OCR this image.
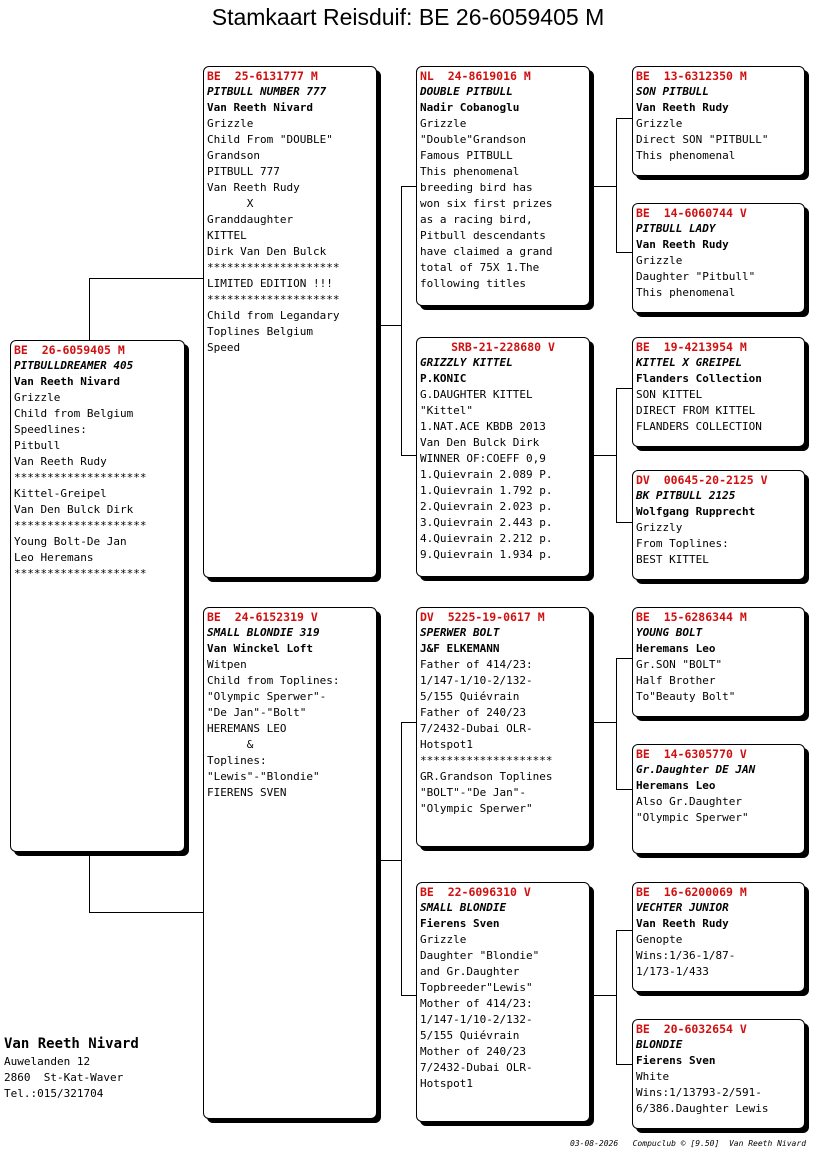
Stamkaart Reisduif: BE 26-6059405 M
BE  26-6059405 M
PITBULLDREAMER 405
Van Reeth Nivard
Grizzle
Child from Belgium
Speedlines:
Pitbull
Van Reeth Rudy
********************
Kittel-Greipel
Van Den Bulck Dirk
********************
Young Bolt-De Jan
Leo Heremans
********************
BE  25-6131777 M
PITBULL NUMBER 777
Van Reeth Nivard
Grizzle
Child From "DOUBLE"
Grandson
PITBULL 777
Van Reeth Rudy
X
Granddaughter
KITTEL
Dirk Van Den Bulck
********************
LIMITED EDITION !!!
********************
Child from Legandary
Toplines Belgium
Speed
BE  24-6152319 V
SMALL BLONDIE 319
Van Winckel Loft
Witpen
Child from Toplines:
"Olympic Sperwer"-
"De Jan"-"Bolt"
HEREMANS LEO
&
Toplines:
"Lewis"-"Blondie"
FIERENS SVEN
NL  24-8619016 M
DOUBLE PITBULL
Nadir Cobanoglu
Grizzle
"Double"Grandson
Famous PITBULL
This phenomenal
breeding bird has
won six first prizes
as a racing bird,
Pitbull descendants
have claimed a grand
total of 75X 1.The
following titles
SRB-21-228680 V
GRIZZLY KITTEL
P.KONIC
G.DAUGHTER KITTEL
"Kittel"
1.NAT.ACE KBDB 2013
Van Den Bulck Dirk
WINNER OF:COEFF 0,9
1.Quievrain 2.089 P.
1.Quievrain 1.792 p.
2.Quievrain 2.023 p.
3.Quievrain 2.443 p.
4.Quievrain 2.212 p.
9.Quievrain 1.934 p.
DV  5225-19-0617 M
SPERWER BOLT
J&F ELKEMANN
Father of 414/23:
1/147-1/10-2/132-
5/155 Quiévrain
Father of 240/23
7/2432-Dubai OLR-
Hotspot1
********************
GR.Grandson Toplines
"BOLT"-"De Jan"-
"Olympic Sperwer"
BE  22-6096310 V
SMALL BLONDIE
Fierens Sven
Grizzle
Daughter "Blondie"
and Gr.Daughter
Topbreeder"Lewis"
Mother of 414/23:
1/147-1/10-2/132-
5/155 Quiévrain
Mother of 240/23
7/2432-Dubai OLR-
Hotspot1
BE  13-6312350 M
SON PITBULL
Van Reeth Rudy
Grizzle
Direct SON "PITBULL"
This phenomenal
BE  14-6060744 V
PITBULL LADY
Van Reeth Rudy
Grizzle
Daughter "Pitbull"
This phenomenal
BE  19-4213954 M
KITTEL X GREIPEL
Flanders Collection
SON KITTEL
DIRECT FROM KITTEL
FLANDERS COLLECTION
DV  00645-20-2125 V
BK PITBULL 2125
Wolfgang Rupprecht
Grizzly
From Toplines:
BEST KITTEL
BE  15-6286344 M
YOUNG BOLT
Heremans Leo
Gr.SON "BOLT"
Half Brother
To"Beauty Bolt"
BE  14-6305770 V
Gr.Daughter DE JAN
Heremans Leo
Also Gr.Daughter
"Olympic Sperwer"
BE  16-6200069 M
VECHTER JUNIOR
Van Reeth Rudy
Genopte
Wins:1/36-1/87-
1/173-1/433
BE  20-6032654 V
BLONDIE
Fierens Sven
White
Wins:1/13793-2/591-
6/386.Daughter Lewis
Van Reeth Nivard
Auwelanden 12
2860  St-Kat-Waver
Tel.:015/321704
03-08-2026   Compuclub © [9.50]  Van Reeth Nivard
